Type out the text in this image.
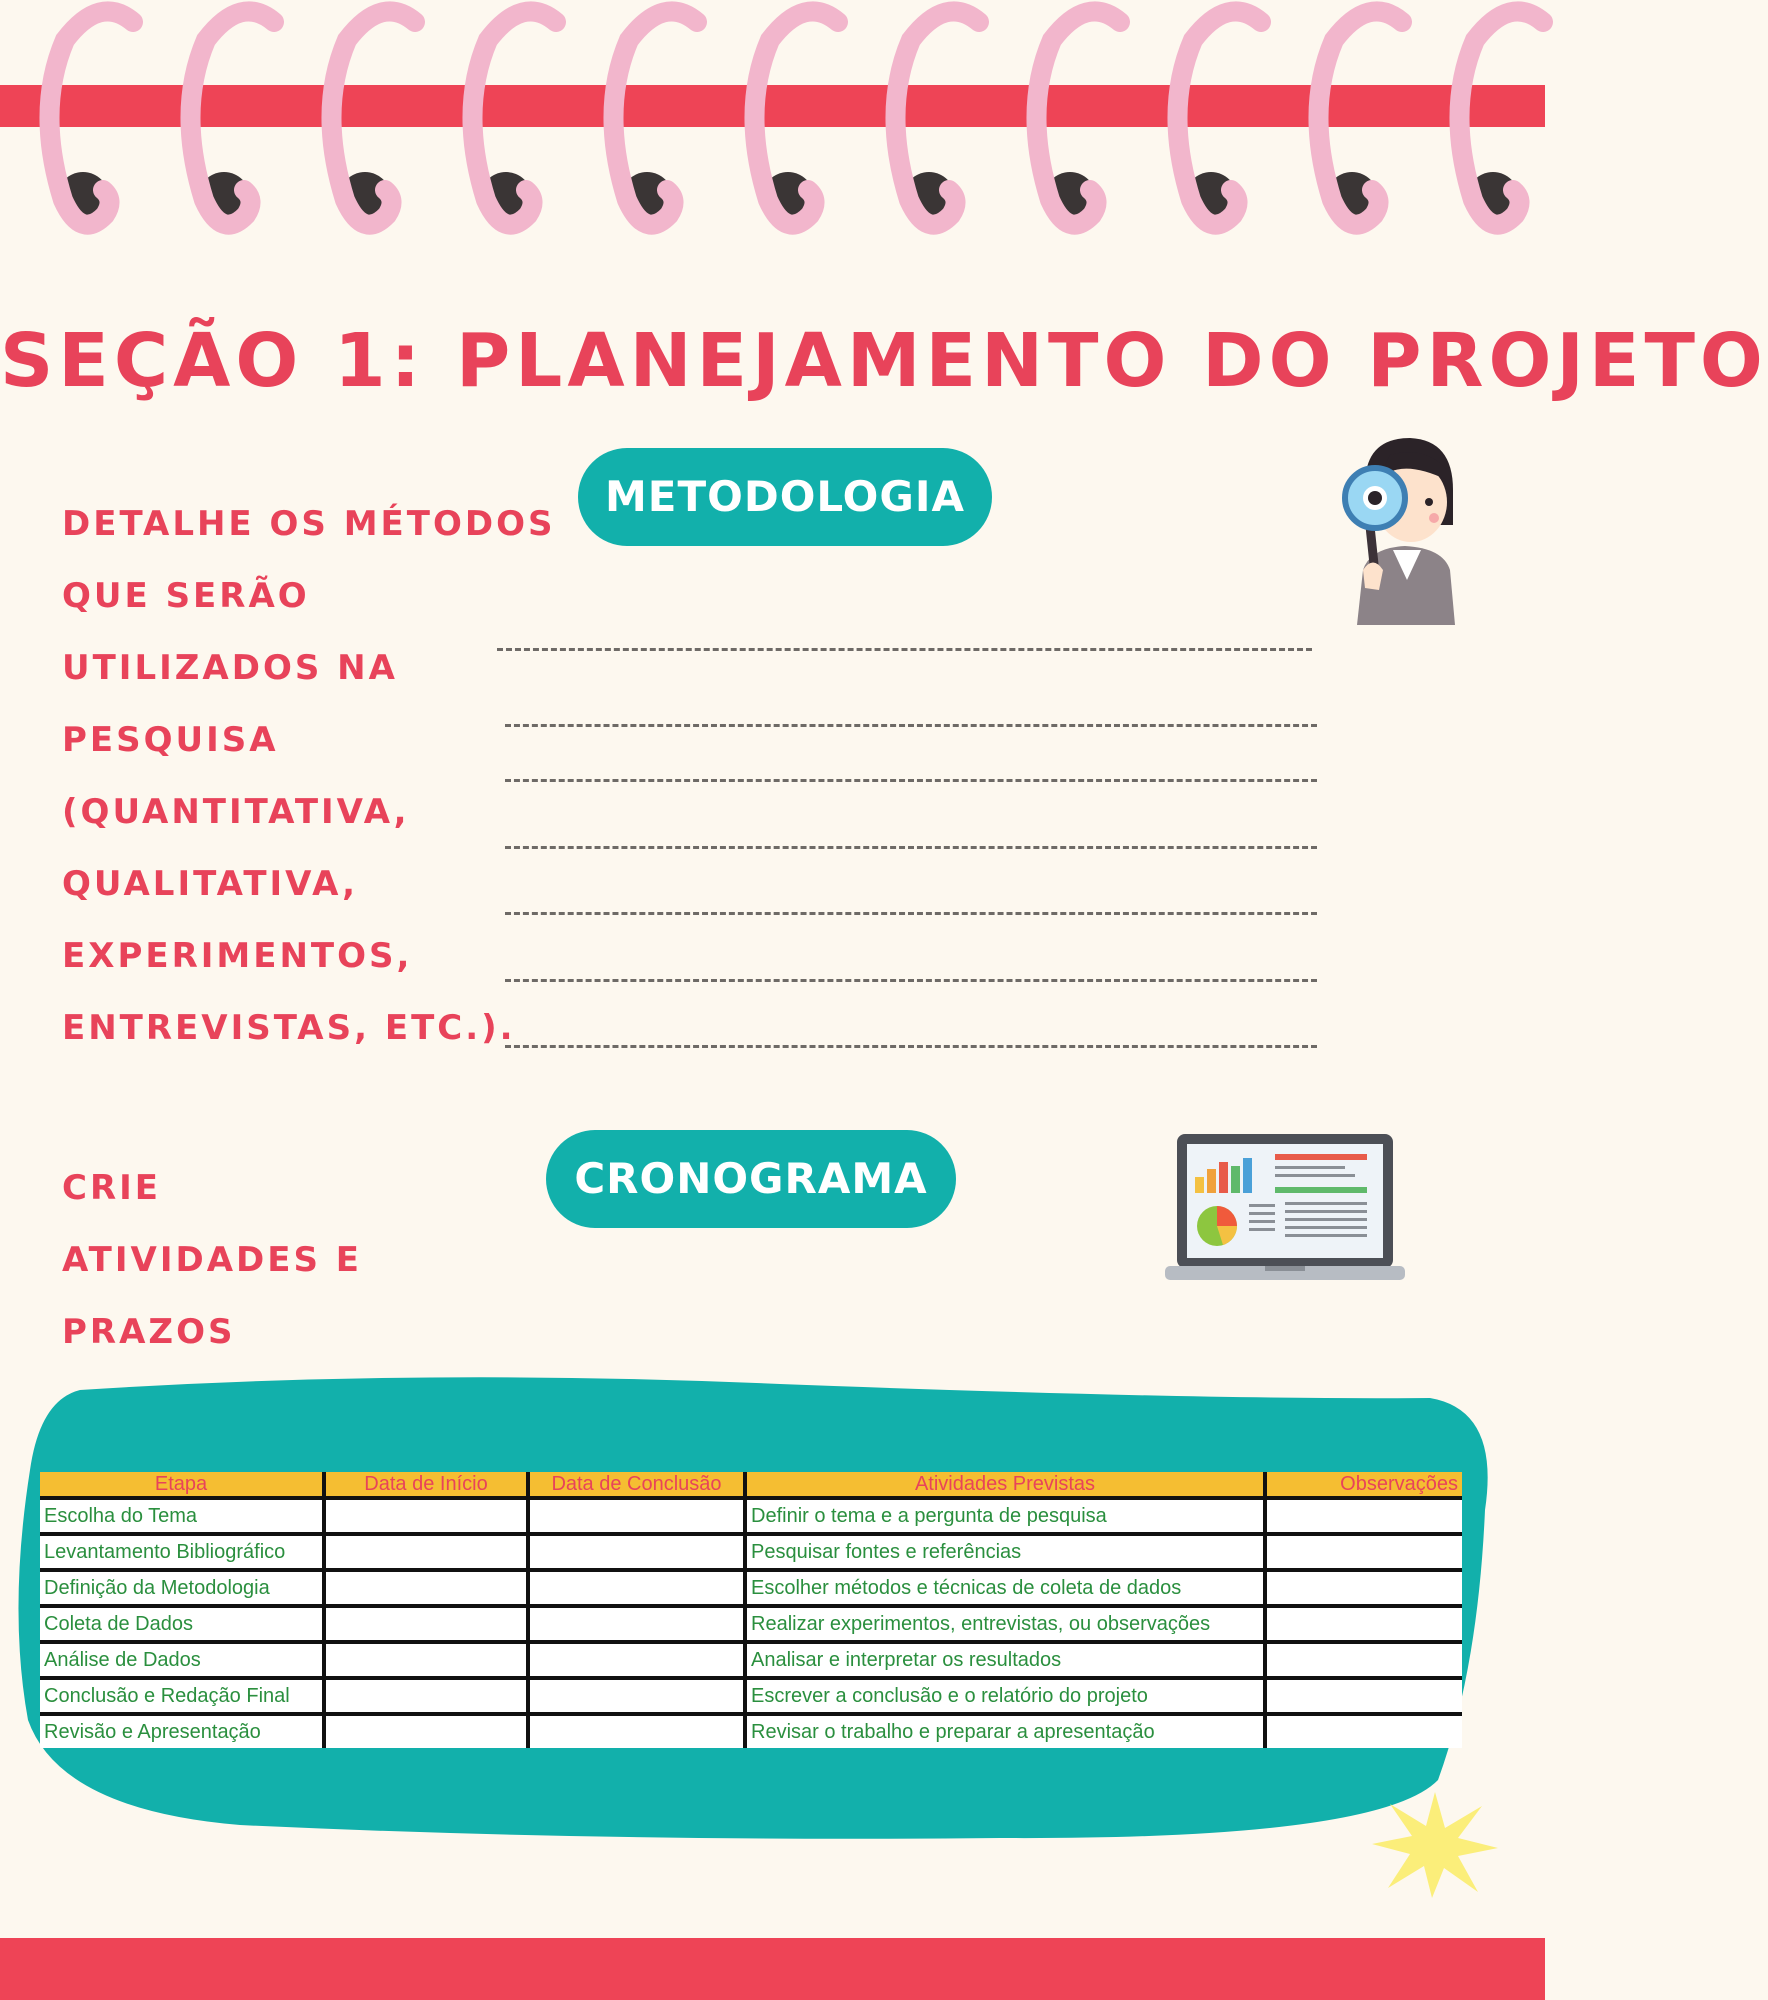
SEÇÃO 1: PLANEJAMENTO DO PROJETO
METODOLOGIA
DETALHE OS MÉTODOS
QUE SERÃO
UTILIZADOS NA
PESQUISA
(QUANTITATIVA,
QUALITATIVA,
EXPERIMENTOS,
ENTREVISTAS, ETC.).
CRONOGRAMA
CRIE
ATIVIDADES E
PRAZOS
Etapa	Data de Início	Data de Conclusão	Atividades Previstas	Observações
Escolha do Tema			Definir o tema e a pergunta de pesquisa	
Levantamento Bibliográfico			Pesquisar fontes e referências	
Definição da Metodologia			Escolher métodos e técnicas de coleta de dados	
Coleta de Dados			Realizar experimentos, entrevistas, ou observações	
Análise de Dados			Analisar e interpretar os resultados	
Conclusão e Redação Final			Escrever a conclusão e o relatório do projeto	
Revisão e Apresentação			Revisar o trabalho e preparar a apresentação	
